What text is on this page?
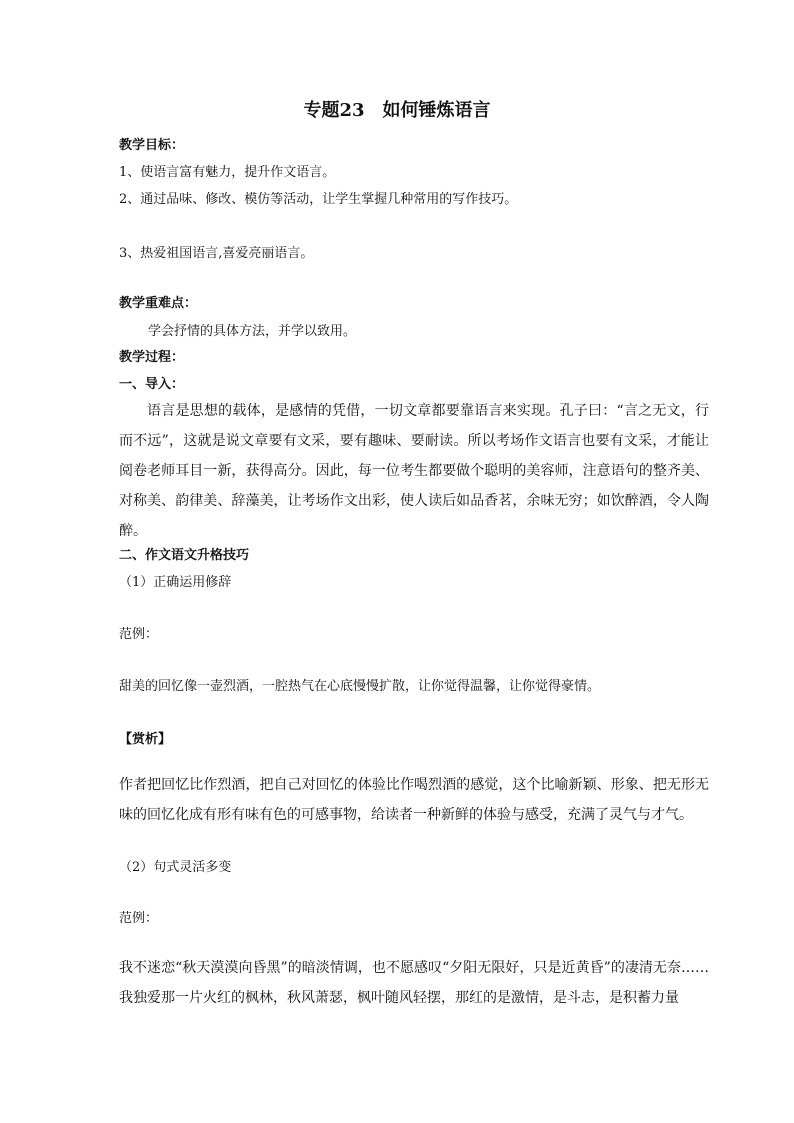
专题23　如何锤炼语言
教学目标：
1、使语言富有魅力，提升作文语言。
2、通过品味、修改、模仿等活动，让学生掌握几种常用的写作技巧。
3、热爱祖国语言,喜爱亮丽语言。
教学重难点：
学会抒情的具体方法，并学以致用。
教学过程：
一、导入：
语言是思想的载体，是感情的凭借，一切文章都要靠语言来实现。孔子曰：“言之无文，行而不远”，这就是说文章要有文采，要有趣味、要耐读。所以考场作文语言也要有文采，才能让阅卷老师耳目一新，获得高分。因此，每一位考生都要做个聪明的美容师，注意语句的整齐美、对称美、韵律美、辞藻美，让考场作文出彩，使人读后如品香茗，余味无穷；如饮醉酒，令人陶醉。
二、作文语文升格技巧
（1）正确运用修辞
范例：
甜美的回忆像一壶烈酒，一腔热气在心底慢慢扩散，让你觉得温馨，让你觉得豪情。
【赏析】
作者把回忆比作烈酒，把自己对回忆的体验比作喝烈酒的感觉，这个比喻新颖、形象、把无形无味的回忆化成有形有味有色的可感事物，给读者一种新鲜的体验与感受，充满了灵气与才气。
（2）句式灵活多变
范例：
我不迷恋“秋天漠漠向昏黑”的暗淡情调，也不愿感叹“夕阳无限好，只是近黄昏”的凄清无奈……我独爱那一片火红的枫林，秋风萧瑟，枫叶随风轻摆，那红的是激情，是斗志，是积蓄力量
